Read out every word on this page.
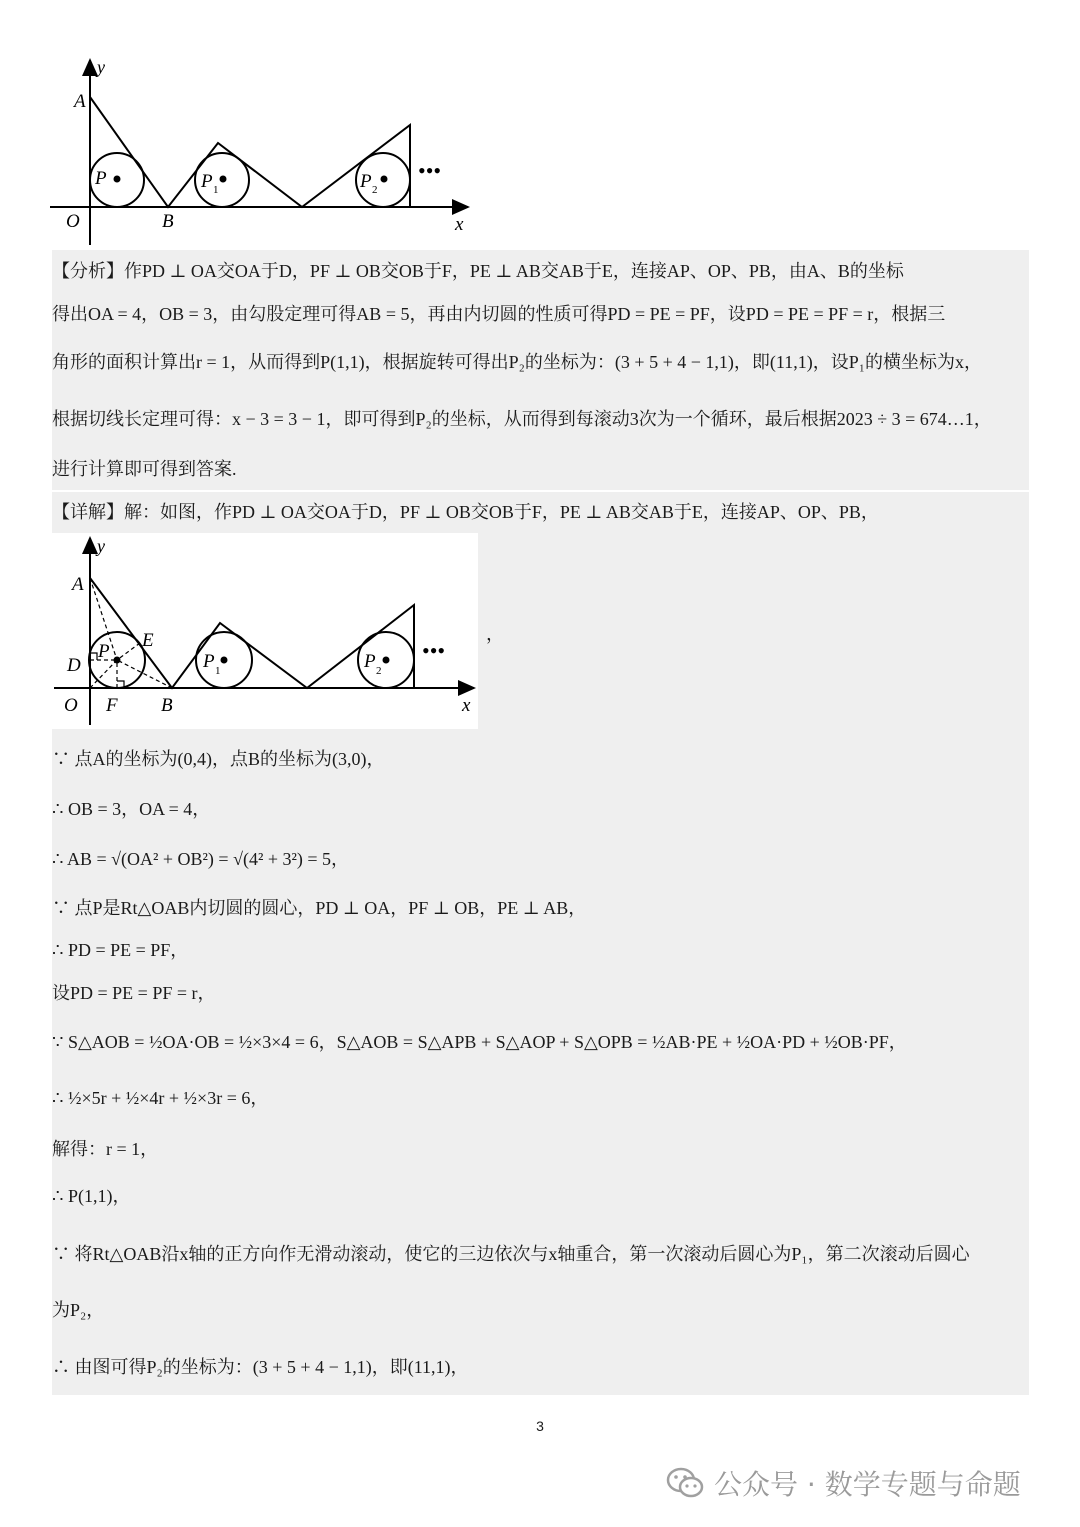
y
A
O	B	x
P	P 1	P 2
•••
【分析】作PD ⊥ OA交OA于D，PF ⊥ OB交OB于F，PE ⊥ AB交AB于E，连接AP、OP、PB，由A、B的坐标
得出OA = 4，OB = 3，由勾股定理可得AB = 5，再由内切圆的性质可得PD = PE = PF，设PD = PE = PF = r，根据三
角形的面积计算出r = 1，从而得到P(1,1)，根据旋转可得出P₂的坐标为：(3 + 5 + 4 − 1,1)，即(11,1)，设P₁的横坐标为x，
根据切线长定理可得：x − 3 = 3 − 1，即可得到P₂的坐标，从而得到每滚动3次为一个循环，最后根据2023 ÷ 3 = 674…1，
进行计算即可得到答案.
【详解】解：如图，作PD ⊥ OA交OA于D，PF ⊥ OB交OB于F，PE ⊥ AB交AB于E，连接AP、OP、PB，
y
A
E
P
D
O F B	x
P 1	P 2
•••
，
∵ 点A的坐标为(0,4)，点B的坐标为(3,0)，
∴ OB = 3，OA = 4，
∴ AB = √(OA² + OB²) = √(4² + 3²) = 5，
∵ 点P是Rt△OAB内切圆的圆心，PD ⊥ OA，PF ⊥ OB，PE ⊥ AB，
∴ PD = PE = PF，
设PD = PE = PF = r，
∵ S△AOB = ½OA·OB = ½×3×4 = 6，S△AOB = S△APB + S△AOP + S△OPB = ½AB·PE + ½OA·PD + ½OB·PF，
∴ ½×5r + ½×4r + ½×3r = 6，
解得：r = 1，
∴ P(1,1)，
∵ 将Rt△OAB沿x轴的正方向作无滑动滚动，使它的三边依次与x轴重合，第一次滚动后圆心为P₁，第二次滚动后圆心
为P₂，
∴ 由图可得P₂的坐标为：(3 + 5 + 4 − 1,1)，即(11,1)，
3
公众号 · 数学专题与命题
